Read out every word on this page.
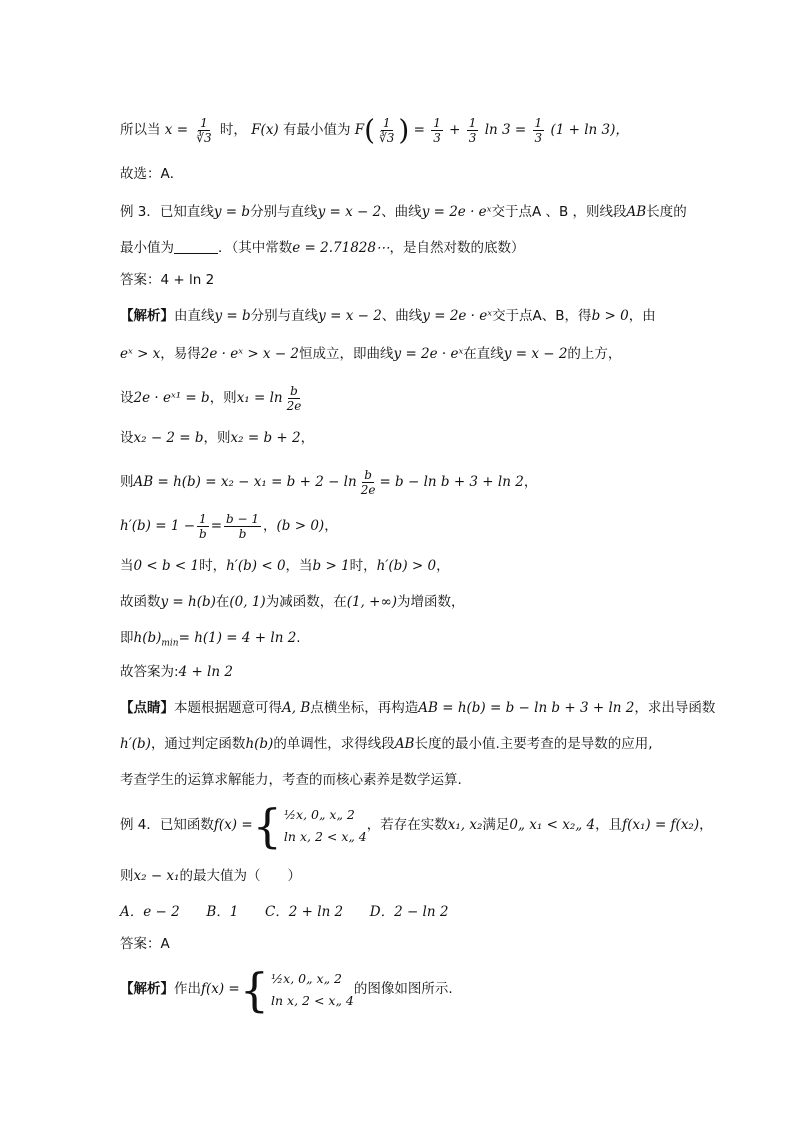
所以当 $x = \frac{1}{∛3}$ 时， F(x) 有最小值为 $F( \frac{1}{∛3}$ ) = $\frac{1}{3} + \frac{1}{3}$ $\ln 3 = \frac{1}{3} (1 + \ln 3)$，
故选：A．
例 3．已知直线y = b分别与直线y = x − 2、曲线y = 2e · eˣ交于点A 、B ，则线段AB长度的
最小值为	．（其中常数e = 2.71828⋯，是自然对数的底数）
答案：4 + ln 2
【解析】由直线y = b分别与直线y = x − 2、曲线y = 2e · eˣ交于点A、B，得b > 0，由
eˣ > x，易得2e · eˣ > x − 2恒成立，即曲线y = 2e · eˣ在直线y = x − 2的上方，
设2e · eˣ¹ = b，则$x_1 = \ln \frac{b}{2e}$
设x₂ − 2 = b，则x₂ = b + 2，
则AB = $h(b) = x_2 - x_1 = b + 2 - \ln \frac{b}{2e} = b - \ln b + 3 + \ln 2$，
$h'(b) = 1 - \frac{1}{b} = \frac{b - 1}{b}$ ，(b > 0)，
当0 < b < 1时，h′(b) < 0，当b > 1时，h′(b) > 0，
故函数y = h(b)在(0, 1)为减函数，在(1, +∞)为增函数，
即$h(b)_{min}= h(1) = 4 + \ln 2$.
故答案为:4 + ln 2
【点睛】本题根据题意可得A, B点横坐标，再构造AB = h(b) = b − ln b + 3 + ln 2，求出导函数
h′(b)，通过判定函数h(b)的单调性，求得线段AB长度的最小值.主要考查的是导数的应用,
考查学生的运算求解能力，考查的而核心素养是数学运算.
例 4．已知函数f(x) = { ½x, 0„ x„ 2
ln x, 2 < x„ 4
，若存在实数x₁, x₂满足0„ x₁ < x₂„ 4，且f(x₁) = f(x₂)，
则x₂ − x₁的最大值为（　　）
A．e − 2 B．1 C．2 + ln 2 D．2 − ln 2
答案：A
【解析】作出f(x) = { ½x, 0„ x„ 2
ln x, 2 < x„ 4
的图像如图所示.
